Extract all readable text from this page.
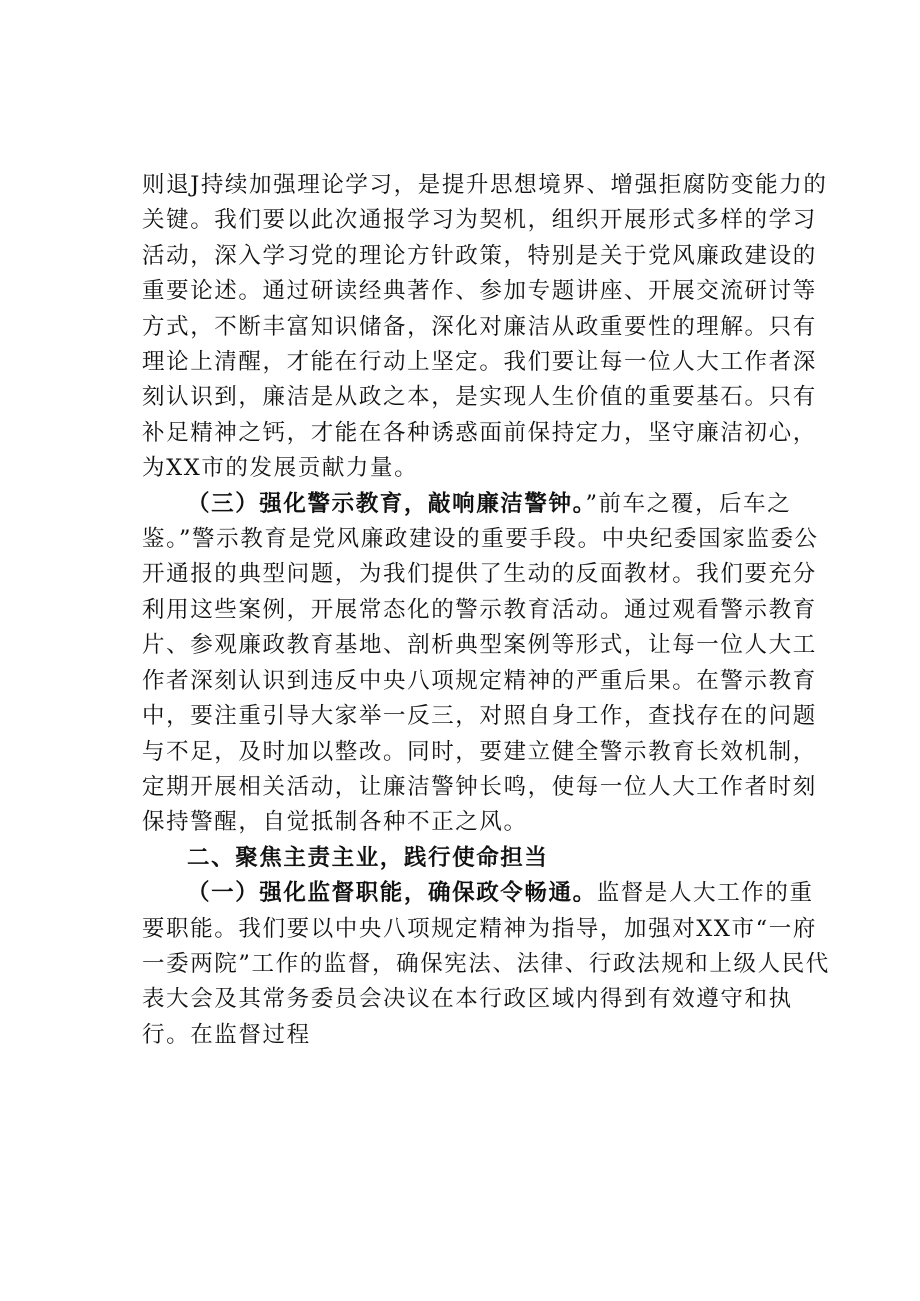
则退J持续加强理论学习，是提升思想境界、增强拒腐防变能力的关键。我们要以此次通报学习为契机，组织开展形式多样的学习活动，深入学习党的理论方针政策，特别是关于党风廉政建设的重要论述。通过研读经典著作、参加专题讲座、开展交流研讨等方式，不断丰富知识储备，深化对廉洁从政重要性的理解。只有理论上清醒，才能在行动上坚定。我们要让每一位人大工作者深刻认识到，廉洁是从政之本，是实现人生价值的重要基石。只有补足精神之钙，才能在各种诱惑面前保持定力，坚守廉洁初心，为XX市的发展贡献力量。

（三）强化警示教育，敲响廉洁警钟。”前车之覆，后车之鉴。”警示教育是党风廉政建设的重要手段。中央纪委国家监委公开通报的典型问题，为我们提供了生动的反面教材。我们要充分利用这些案例，开展常态化的警示教育活动。通过观看警示教育片、参观廉政教育基地、剖析典型案例等形式，让每一位人大工作者深刻认识到违反中央八项规定精神的严重后果。在警示教育中，要注重引导大家举一反三，对照自身工作，查找存在的问题与不足，及时加以整改。同时，要建立健全警示教育长效机制，定期开展相关活动，让廉洁警钟长鸣，使每一位人大工作者时刻保持警醒，自觉抵制各种不正之风。

二、聚焦主责主业，践行使命担当

（一）强化监督职能，确保政令畅通。监督是人大工作的重要职能。我们要以中央八项规定精神为指导，加强对XX市“一府一委两院”工作的监督，确保宪法、法律、行政法规和上级人民代表大会及其常务委员会决议在本行政区域内得到有效遵守和执行。在监督过程
